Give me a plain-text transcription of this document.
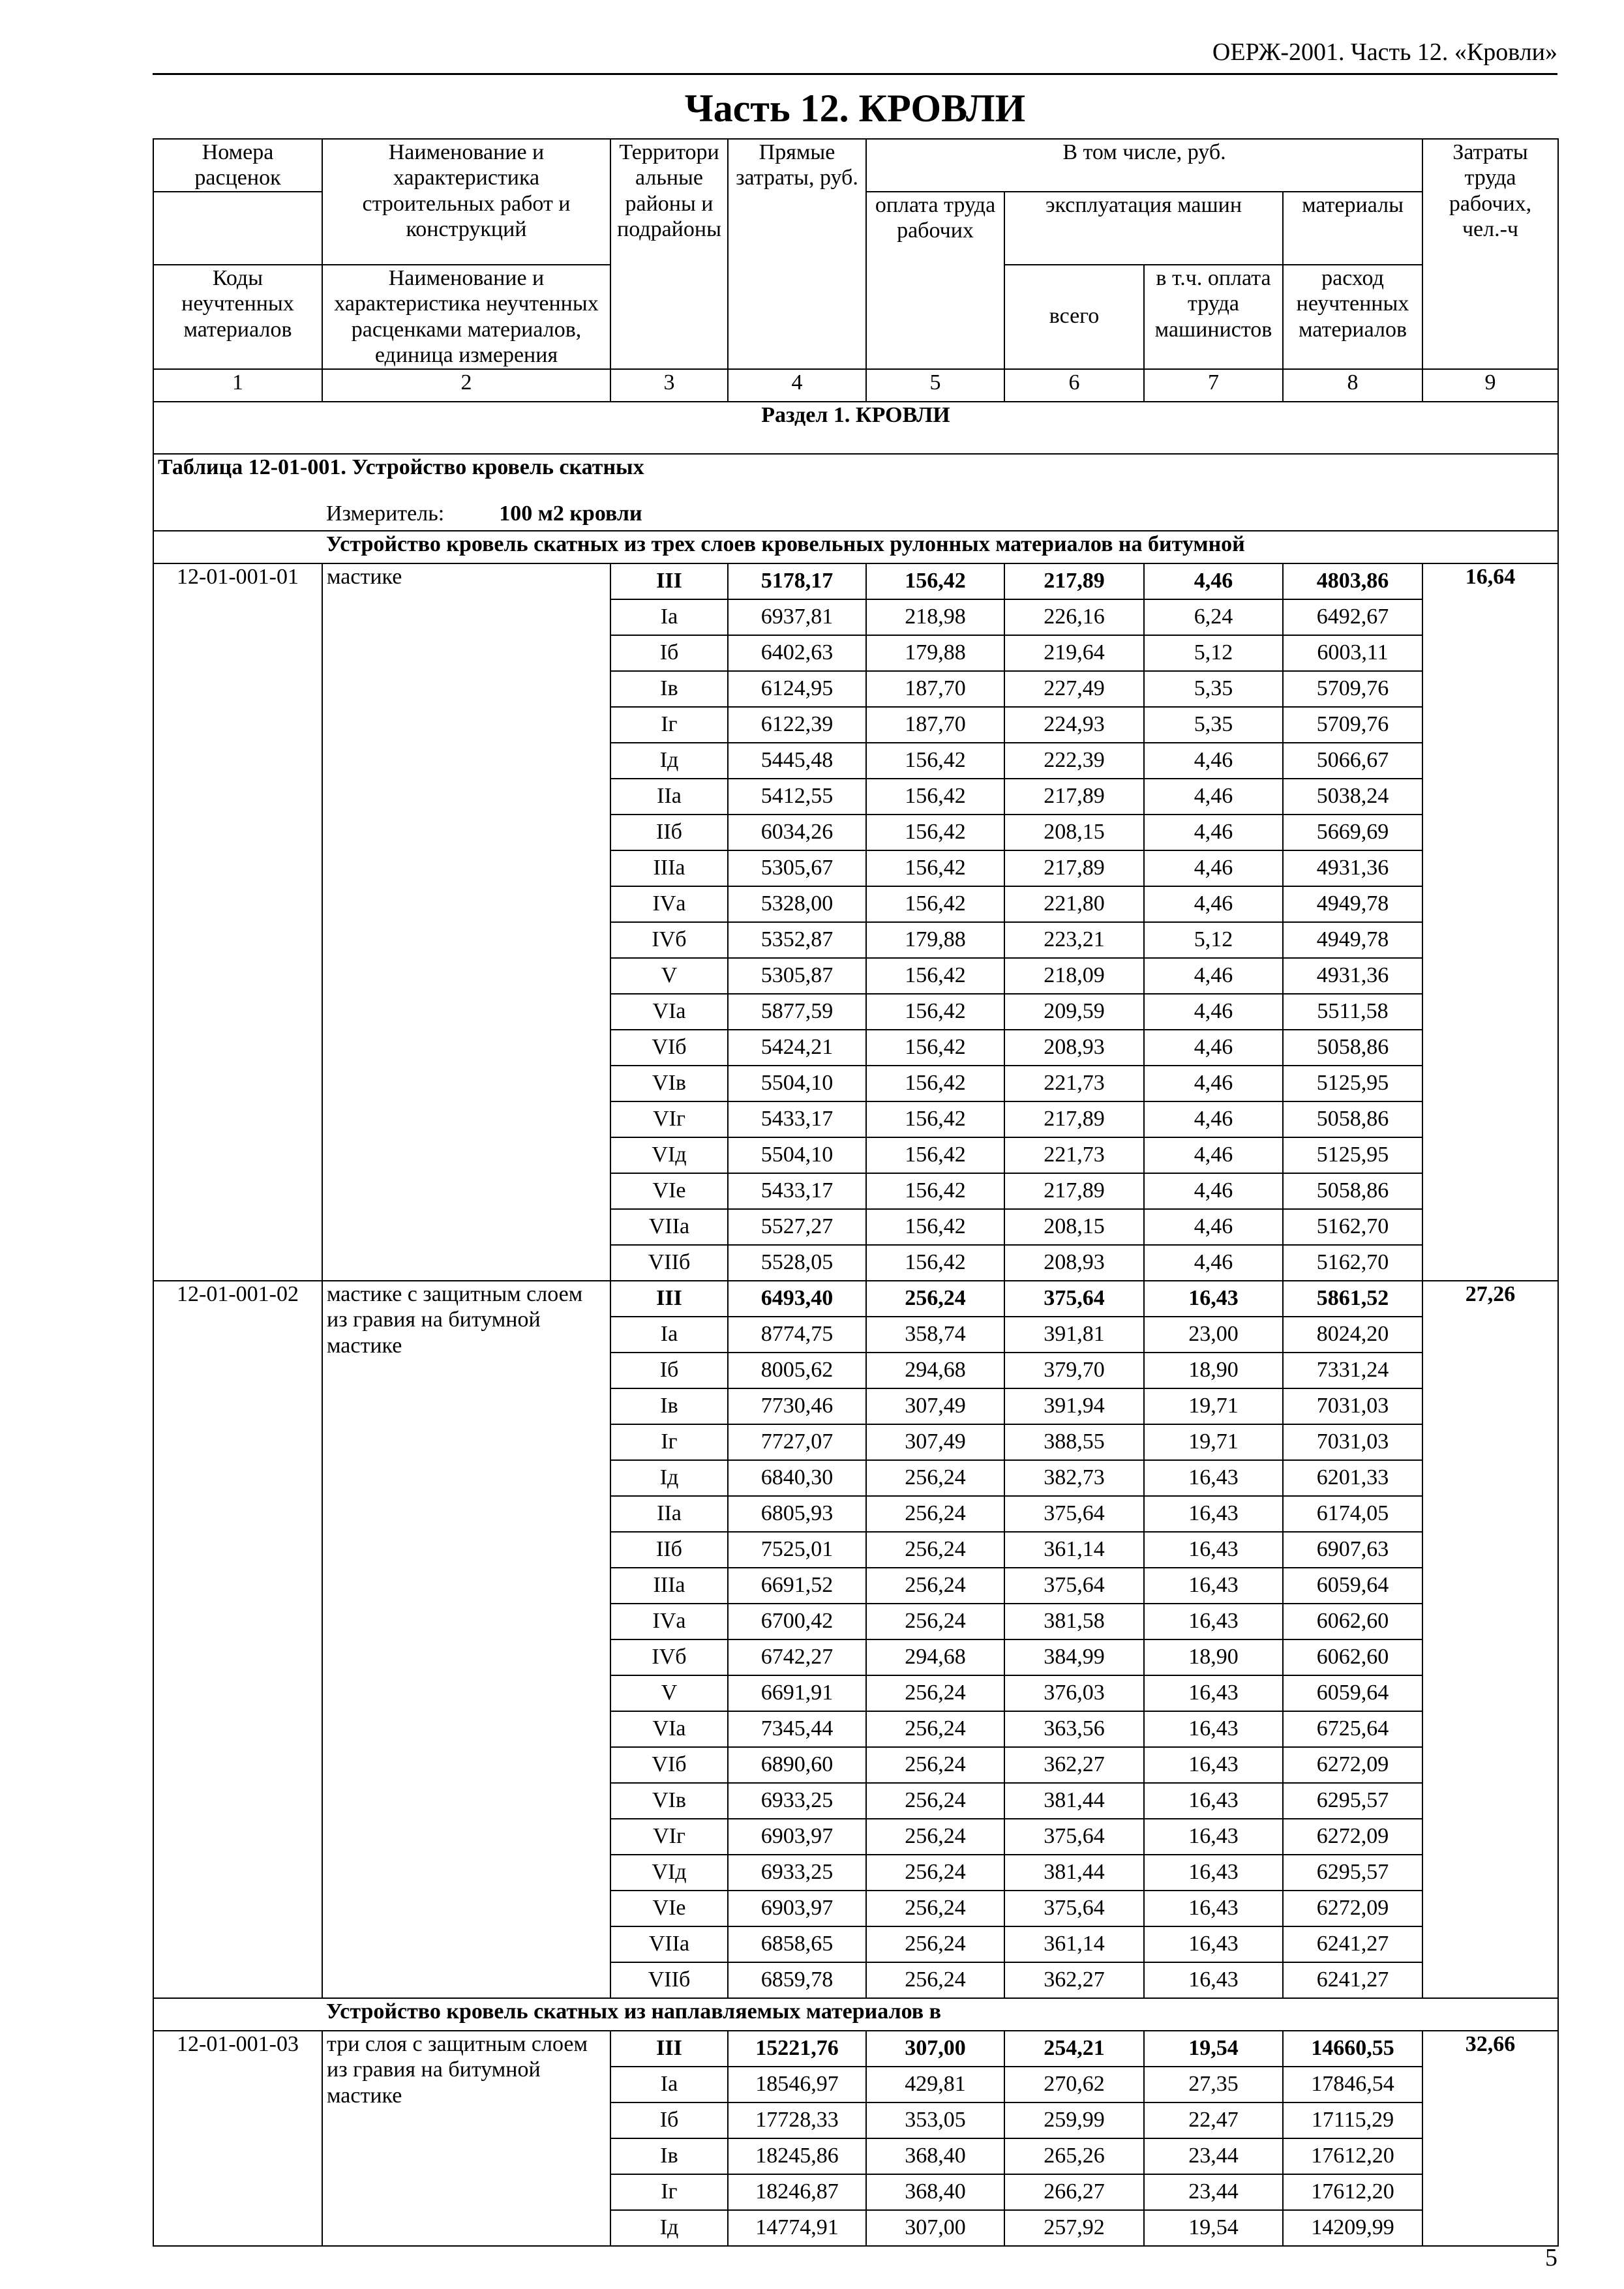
ОЕРЖ-2001. Часть 12. «Кровли»
Часть 12. КРОВЛИ
Номера расценок	Наименование и характеристика строительных работ и конструкций	Территори альные районы и подрайоны	Прямые затраты, руб.	В том числе, руб.				Затраты труда рабочих, чел.-ч
				оплата труда рабочих	эксплуатация машин		материалы	
Коды неучтенных материалов	Наименование и характеристика неучтенных расценками материалов, единица измерения				всего	в т.ч. оплата труда машинистов	расход неучтенных материалов	

1	2	3	4	5	6	7	8	9
Раздел 1. КРОВЛИ								
Таблица 12-01-001. Устройство кровель скатных								
	Измеритель: 100 м2 кровли							
	Устройство кровель скатных из трех слоев кровельных рулонных материалов на битумной							
12-01-001-01	мастике	III	5178,17	156,42	217,89	4,46	4803,86	16,64
		Iа	6937,81	218,98	226,16	6,24	6492,67	
		Iб	6402,63	179,88	219,64	5,12	6003,11	
		Iв	6124,95	187,70	227,49	5,35	5709,76	
		Iг	6122,39	187,70	224,93	5,35	5709,76	
		Iд	5445,48	156,42	222,39	4,46	5066,67	
		IIа	5412,55	156,42	217,89	4,46	5038,24	
		IIб	6034,26	156,42	208,15	4,46	5669,69	
		IIIа	5305,67	156,42	217,89	4,46	4931,36	
		IVа	5328,00	156,42	221,80	4,46	4949,78	
		IVб	5352,87	179,88	223,21	5,12	4949,78	
		V	5305,87	156,42	218,09	4,46	4931,36	
		VIа	5877,59	156,42	209,59	4,46	5511,58	
		VIб	5424,21	156,42	208,93	4,46	5058,86	
		VIв	5504,10	156,42	221,73	4,46	5125,95	
		VIг	5433,17	156,42	217,89	4,46	5058,86	
		VIд	5504,10	156,42	221,73	4,46	5125,95	
		VIе	5433,17	156,42	217,89	4,46	5058,86	
		VIIа	5527,27	156,42	208,15	4,46	5162,70	
		VIIб	5528,05	156,42	208,93	4,46	5162,70	
12-01-001-02	мастике с защитным слоем из гравия на битумной мастике	III	6493,40	256,24	375,64	16,43	5861,52	27,26
		Iа	8774,75	358,74	391,81	23,00	8024,20	
		Iб	8005,62	294,68	379,70	18,90	7331,24	
		Iв	7730,46	307,49	391,94	19,71	7031,03	
		Iг	7727,07	307,49	388,55	19,71	7031,03	
		Iд	6840,30	256,24	382,73	16,43	6201,33	
		IIа	6805,93	256,24	375,64	16,43	6174,05	
		IIб	7525,01	256,24	361,14	16,43	6907,63	
		IIIа	6691,52	256,24	375,64	16,43	6059,64	
		IVа	6700,42	256,24	381,58	16,43	6062,60	
		IVб	6742,27	294,68	384,99	18,90	6062,60	
		V	6691,91	256,24	376,03	16,43	6059,64	
		VIа	7345,44	256,24	363,56	16,43	6725,64	
		VIб	6890,60	256,24	362,27	16,43	6272,09	
		VIв	6933,25	256,24	381,44	16,43	6295,57	
		VIг	6903,97	256,24	375,64	16,43	6272,09	
		VIд	6933,25	256,24	381,44	16,43	6295,57	
		VIе	6903,97	256,24	375,64	16,43	6272,09	
		VIIа	6858,65	256,24	361,14	16,43	6241,27	
		VIIб	6859,78	256,24	362,27	16,43	6241,27	
	Устройство кровель скатных из наплавляемых материалов в							
12-01-001-03	три слоя с защитным слоем из гравия на битумной мастике	III	15221,76	307,00	254,21	19,54	14660,55	32,66
		Iа	18546,97	429,81	270,62	27,35	17846,54	
		Iб	17728,33	353,05	259,99	22,47	17115,29	
		Iв	18245,86	368,40	265,26	23,44	17612,20	
		Iг	18246,87	368,40	266,27	23,44	17612,20	
		Iд	14774,91	307,00	257,92	19,54	14209,99	
5
